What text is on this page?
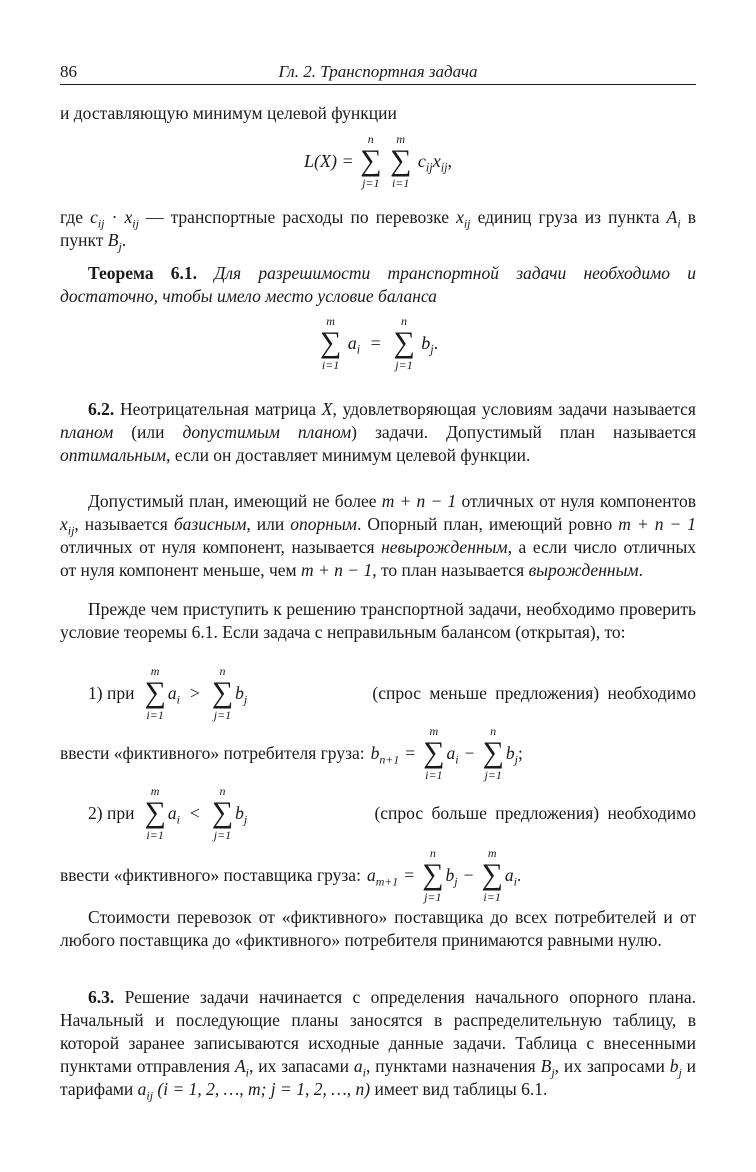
86	Гл. 2. Транспортная задача
и доставляющую минимум целевой функции
L(X) =
n
∑
j=1

m
∑
i=1
$c_{ij}x_{ij}$,
где $c_{ij} \cdot x_{ij}$ — транспортные расходы по перевозке $x_{ij}$ единиц груза из пункта $A_i$ в пункт $B_j$.
Теорема 6.1. Для разрешимости транспортной задачи необходимо и достаточно, чтобы имело место условие баланса
m
∑
i=1
$a_i$ =
n
∑
j=1
$b_j$.
6.2. Неотрицательная матрица X, удовлетворяющая условиям задачи называется планом (или допустимым планом) задачи. Допустимый план называется оптимальным, если он доставляет минимум целевой функции.
Допустимый план, имеющий не более m + n − 1 отличных от нуля компонентов $x_{ij}$, называется базисным, или опорным. Опорный план, имеющий ровно m + n − 1 отличных от нуля компонент, называется невырожденным, а если число отличных от нуля компонент меньше, чем m + n − 1, то план называется вырожденным.
Прежде чем приступить к решению транспортной задачи, необходимо проверить условие теоремы 6.1. Если задача с неправильным балансом (открытая), то:
1) при
m
∑
i=1
$a_i$ >
n
∑
j=1
$b_j$	(спрос меньше предложения) необходимо
ввести «фиктивного» потребителя груза: $b_{n+1}$ =
m
∑
i=1
$a_i$ −
n
∑
j=1
$b_j$;
2) при
m
∑
i=1
$a_i$ <
n
∑
j=1
$b_j$	(спрос больше предложения) необходимо
ввести «фиктивного» поставщика груза: $a_{m+1}$ =
n
∑
j=1
$b_j$ −
m
∑
i=1
$a_i$.
Стоимости перевозок от «фиктивного» поставщика до всех потребителей и от любого поставщика до «фиктивного» потребителя принимаются равными нулю.
6.3. Решение задачи начинается с определения начального опорного плана. Начальный и последующие планы заносятся в распределительную таблицу, в которой заранее записываются исходные данные задачи. Таблица с внесенными пунктами отправления $A_i$, их запасами $a_i$, пунктами назначения $B_j$, их запросами $b_j$ и тарифами $a_{ij}$ (i = 1, 2, …, m; j = 1, 2, …, n) имеет вид таблицы 6.1.
